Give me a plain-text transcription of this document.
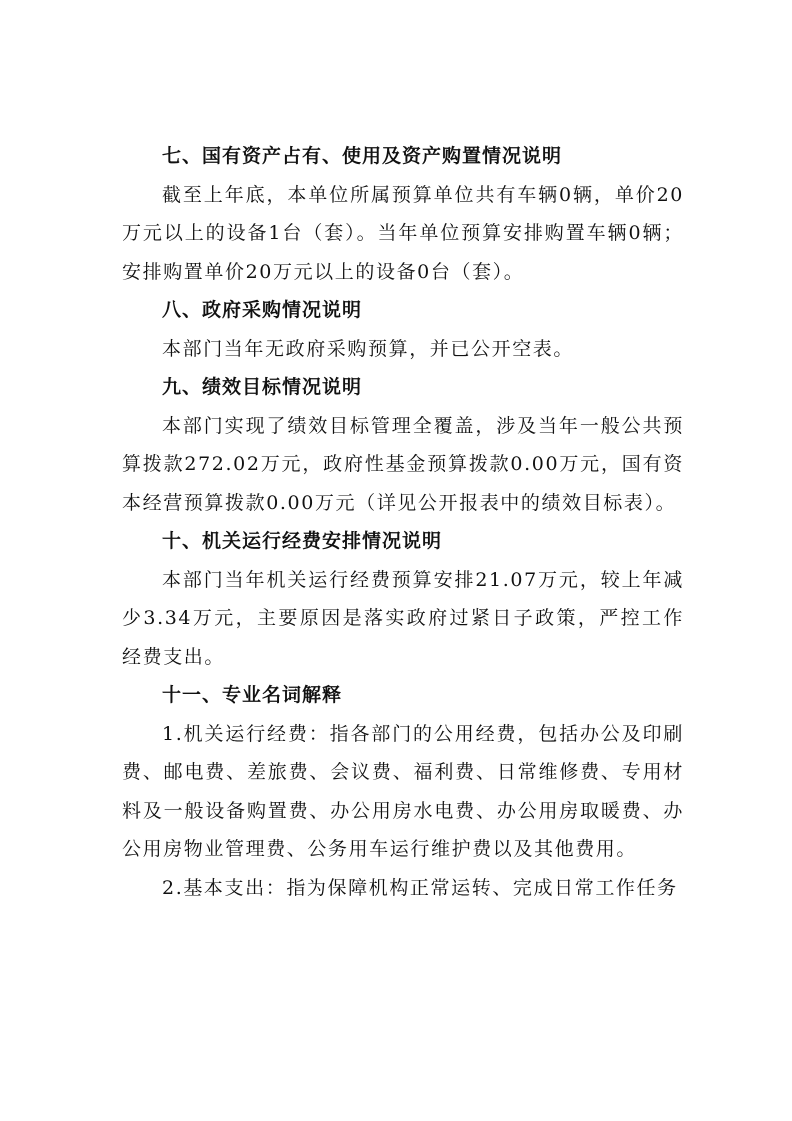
七、国有资产占有、使用及资产购置情况说明

截至上年底，本单位所属预算单位共有车辆0辆，单价20万元以上的设备1台（套）。当年单位预算安排购置车辆0辆；安排购置单价20万元以上的设备0台（套）。

八、政府采购情况说明

本部门当年无政府采购预算，并已公开空表。

九、绩效目标情况说明

本部门实现了绩效目标管理全覆盖，涉及当年一般公共预算拨款272.02万元，政府性基金预算拨款0.00万元，国有资本经营预算拨款0.00万元（详见公开报表中的绩效目标表）。

十、机关运行经费安排情况说明

本部门当年机关运行经费预算安排21.07万元，较上年减少3.34万元，主要原因是落实政府过紧日子政策，严控工作经费支出。

十一、专业名词解释

1.机关运行经费：指各部门的公用经费，包括办公及印刷费、邮电费、差旅费、会议费、福利费、日常维修费、专用材料及一般设备购置费、办公用房水电费、办公用房取暖费、办公用房物业管理费、公务用车运行维护费以及其他费用。

2.基本支出：指为保障机构正常运转、完成日常工作任务
